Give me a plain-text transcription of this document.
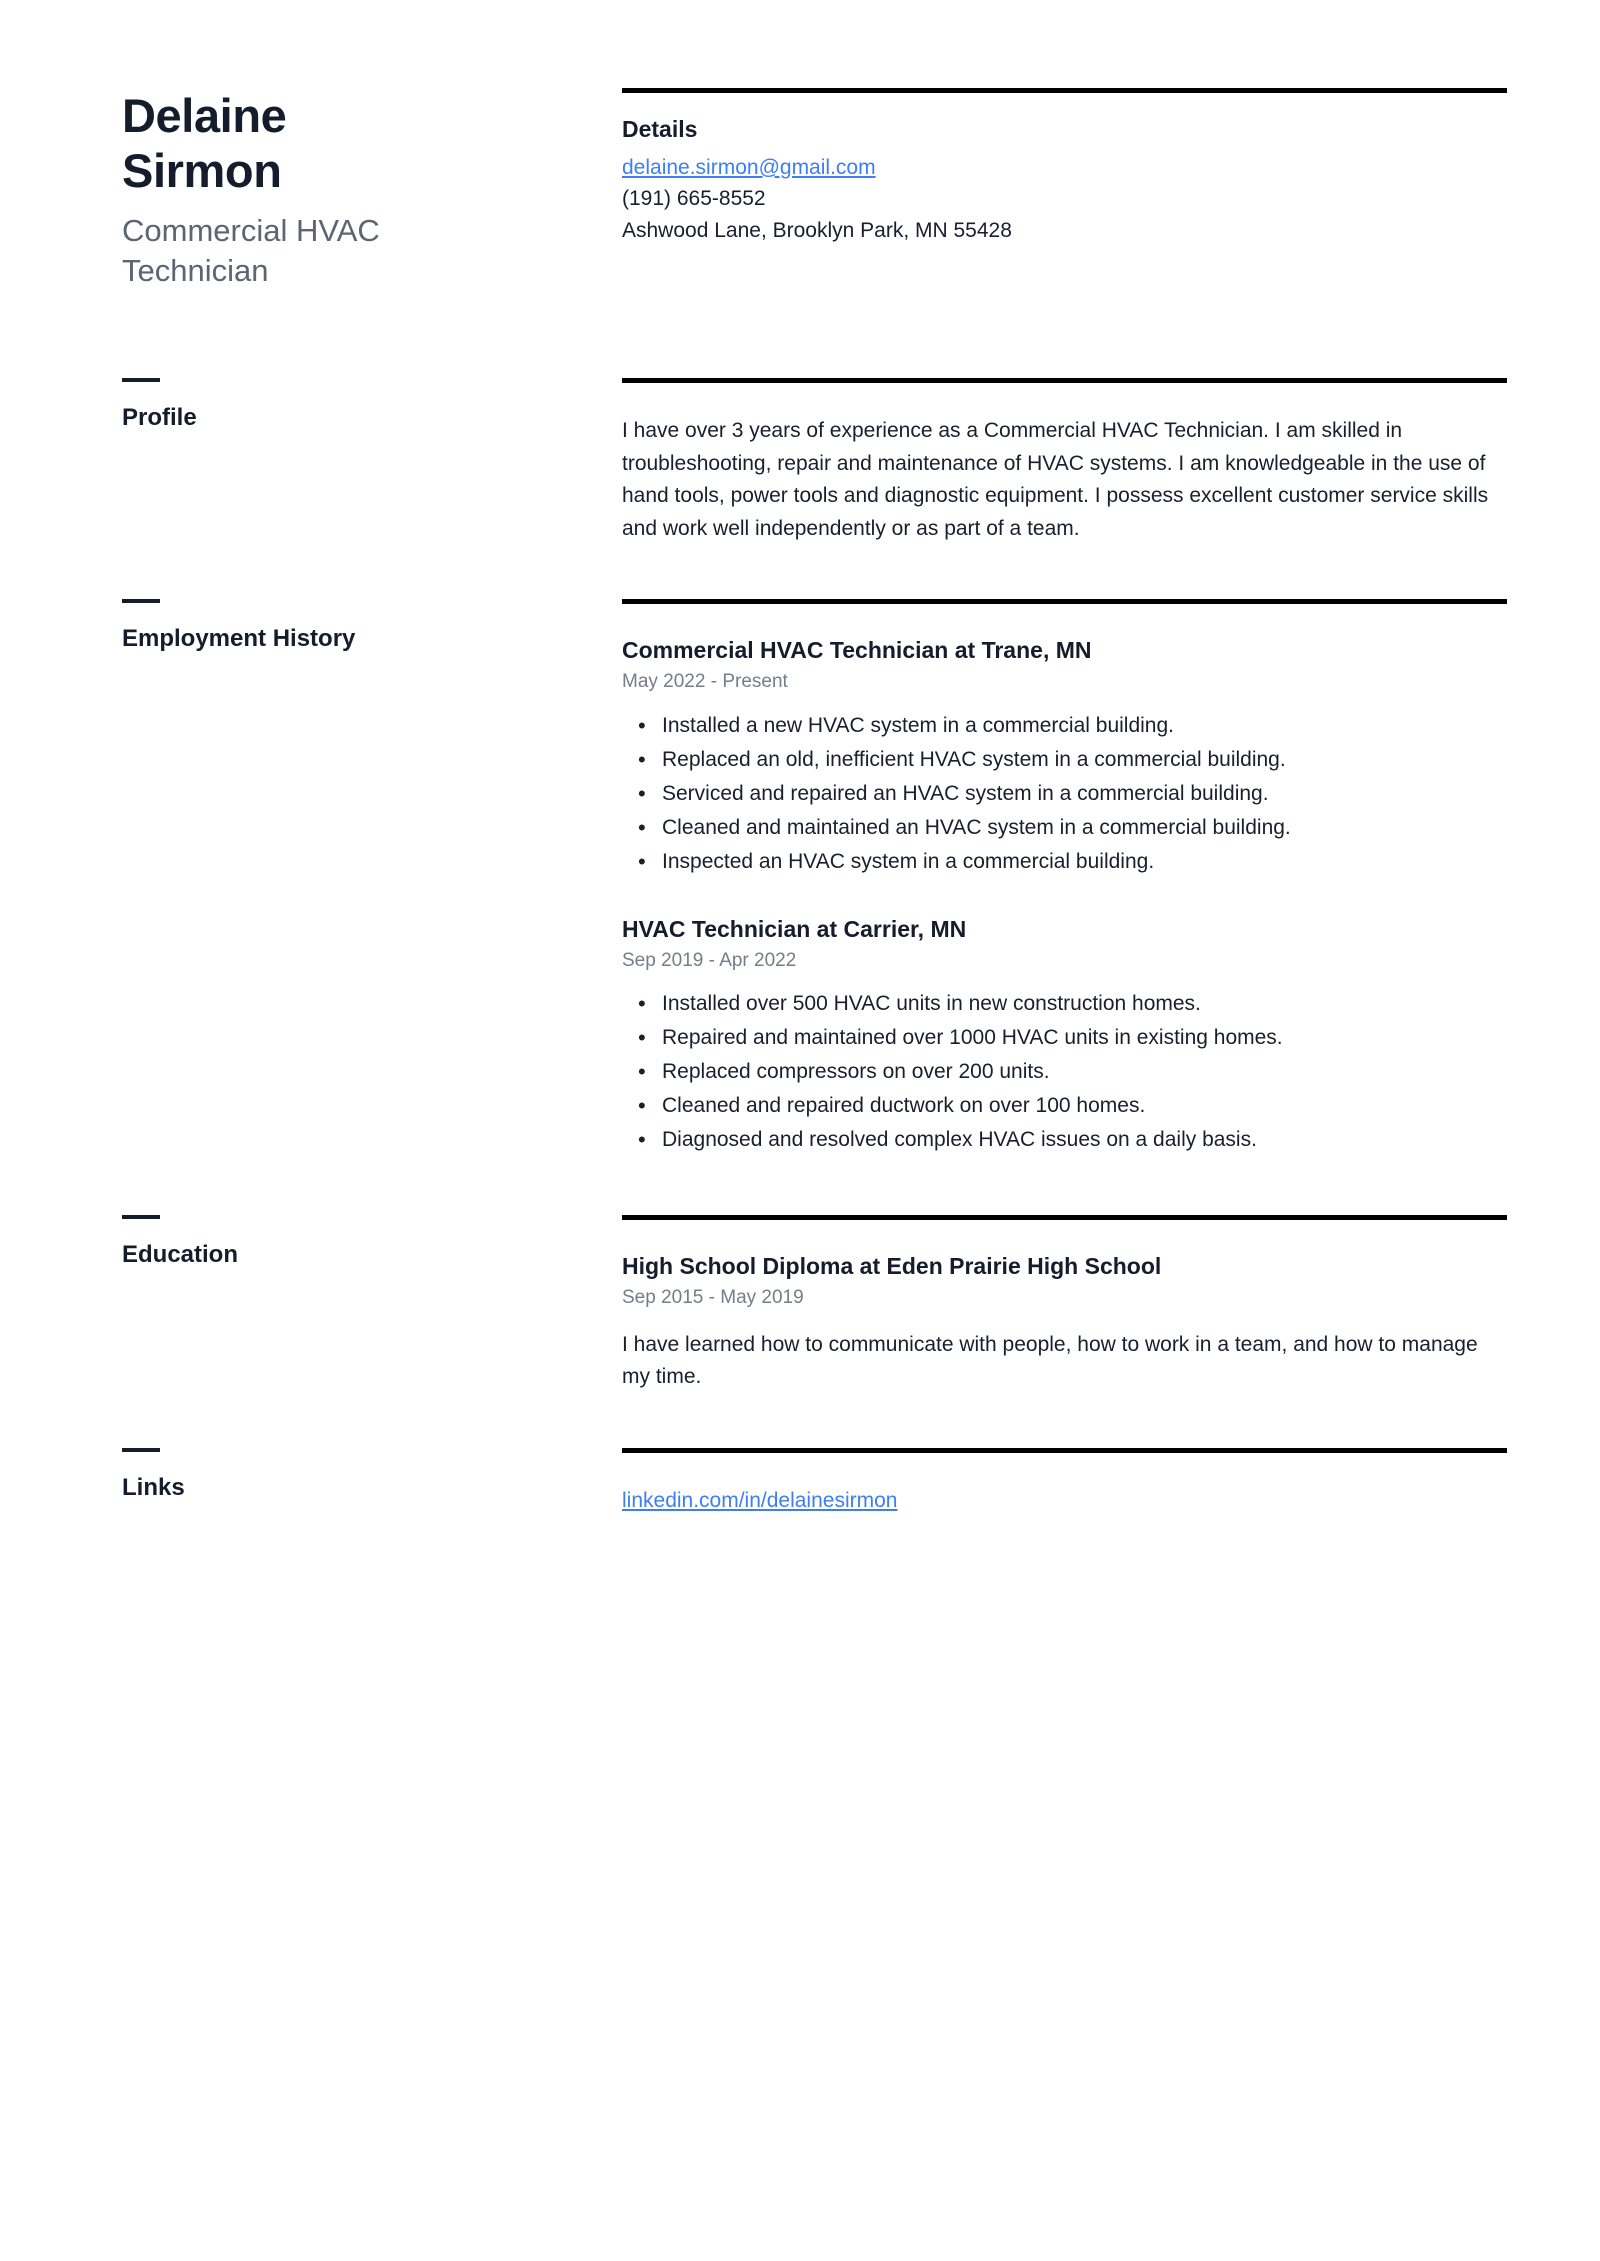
Delaine
Sirmon
Commercial HVAC Technician
Details
delaine.sirmon@gmail.com
(191) 665-8552
Ashwood Lane, Brooklyn Park, MN 55428
Profile	I have over 3 years of experience as a Commercial HVAC Technician. I am skilled in troubleshooting, repair and maintenance of HVAC systems. I am knowledgeable in the use of hand tools, power tools and diagnostic equipment. I possess excellent customer service skills and work well independently or as part of a team.

Employment History	Commercial HVAC Technician at Trane, MN
May 2022 - Present
• Installed a new HVAC system in a commercial building.
• Replaced an old, inefficient HVAC system in a commercial building.
• Serviced and repaired an HVAC system in a commercial building.
• Cleaned and maintained an HVAC system in a commercial building.
• Inspected an HVAC system in a commercial building.
HVAC Technician at Carrier, MN
Sep 2019 - Apr 2022
• Installed over 500 HVAC units in new construction homes.
• Repaired and maintained over 1000 HVAC units in existing homes.
• Replaced compressors on over 200 units.
• Cleaned and repaired ductwork on over 100 homes.
• Diagnosed and resolved complex HVAC issues on a daily basis.
Education	High School Diploma at Eden Prairie High School
Sep 2015 - May 2019

I have learned how to communicate with people, how to work in a team, and how to manage my time.

Links	linkedin.com/in/delainesirmon
